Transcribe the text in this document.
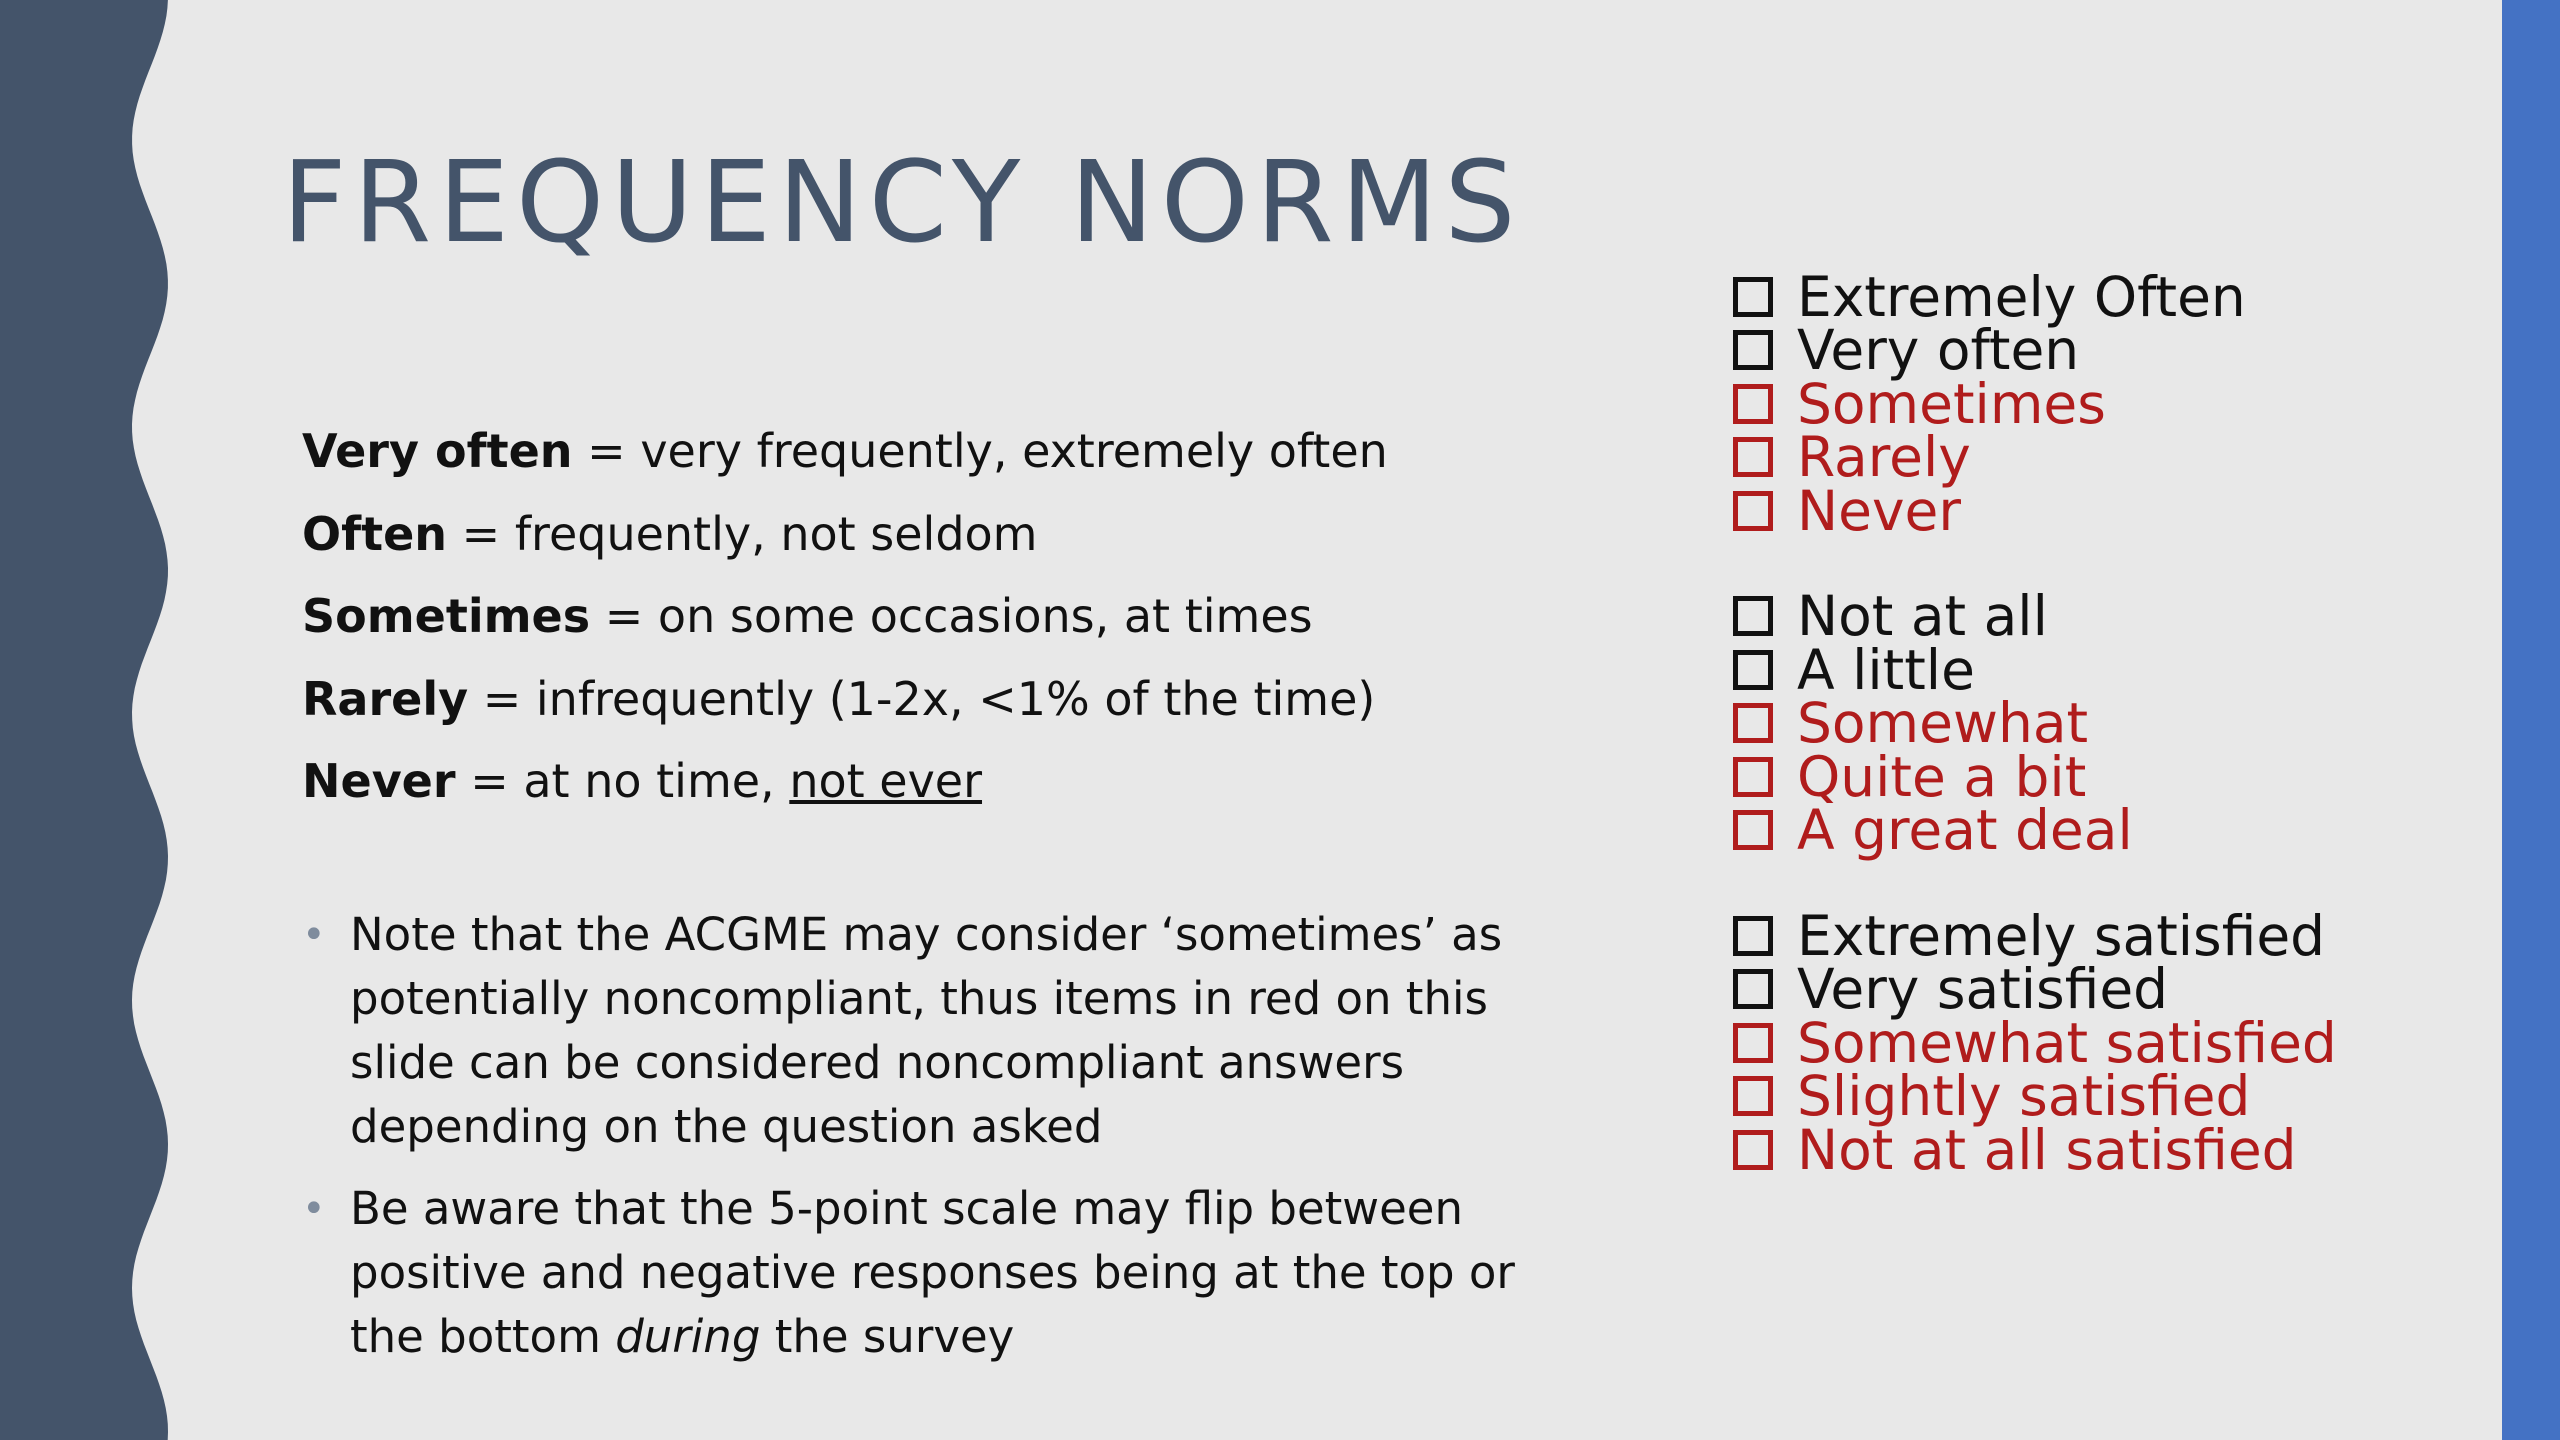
FREQUENCY NORMS
Very often = very frequently, extremely often
Often = frequently, not seldom
Sometimes = on some occasions, at times
Rarely = infrequently (1-2x, <1% of the time)
Never = at no time, not ever
• Note that the ACGME may consider ‘sometimes’ as potentially noncompliant, thus items in red on this slide can be considered noncompliant answers depending on the question asked
• Be aware that the 5-point scale may flip between positive and negative responses being at the top or the bottom during the survey
Extremely Often
Very often
Sometimes
Rarely
Never
Not at all
A little
Somewhat
Quite a bit
A great deal
Extremely satisfied
Very satisfied
Somewhat satisfied
Slightly satisfied
Not at all satisfied
